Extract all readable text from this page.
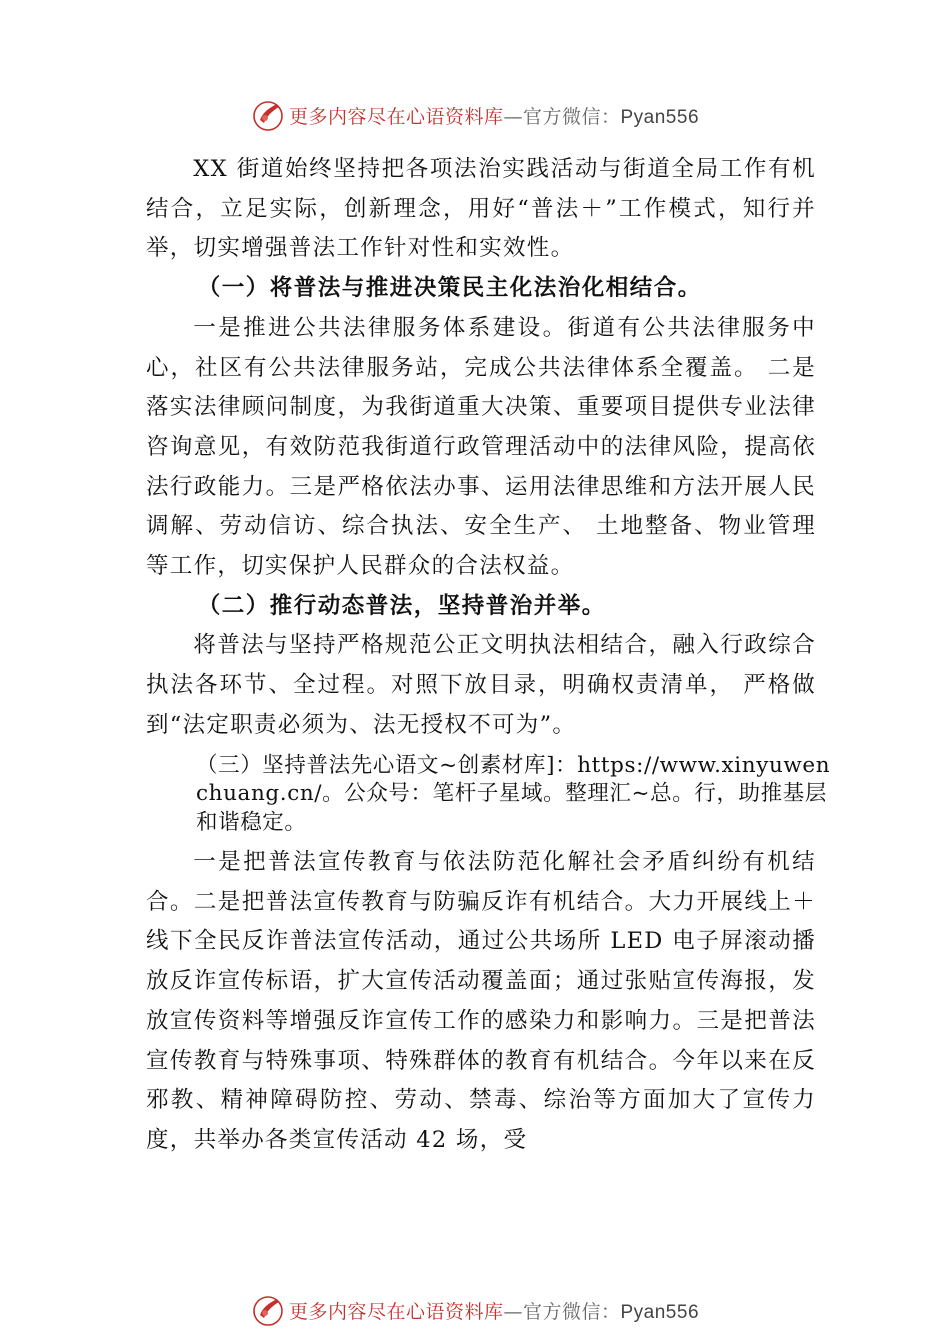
更多内容尽在心语资料库—官方微信：Pyan556

XX 街道始终坚持把各项法治实践活动与街道全局工作有机结合，立足实际，创新理念，用好“普法＋”工作模式，知行并举，切实增强普法工作针对性和实效性。

（一）将普法与推进决策民主化法治化相结合。

一是推进公共法律服务体系建设。街道有公共法律服务中心，社区有公共法律服务站，完成公共法律体系全覆盖。 二是落实法律顾问制度，为我街道重大决策、重要项目提供专业法律咨询意见，有效防范我街道行政管理活动中的法律风险，提高依法行政能力。三是严格依法办事、运用法律思维和方法开展人民调解、劳动信访、综合执法、安全生产、 土地整备、物业管理等工作，切实保护人民群众的合法权益。

（二）推行动态普法，坚持普治并举。

将普法与坚持严格规范公正文明执法相结合，融入行政综合执法各环节、全过程。对照下放目录，明确权责清单， 严格做到“法定职责必须为、法无授权不可为”。

（三）坚持普法先心语文~创素材库]：https://www.xinyuwenchuang.cn/。公众号：笔杆子星域。整理汇~总。行，助推基层和谐稳定。

一是把普法宣传教育与依法防范化解社会矛盾纠纷有机结合。二是把普法宣传教育与防骗反诈有机结合。大力开展线上＋线下全民反诈普法宣传活动，通过公共场所 LED 电子屏滚动播放反诈宣传标语，扩大宣传活动覆盖面；通过张贴宣传海报，发放宣传资料等增强反诈宣传工作的感染力和影响力。三是把普法宣传教育与特殊事项、特殊群体的教育有机结合。今年以来在反邪教、精神障碍防控、劳动、禁毒、综治等方面加大了宣传力度，共举办各类宣传活动 42 场，受

更多内容尽在心语资料库—官方微信：Pyan556
